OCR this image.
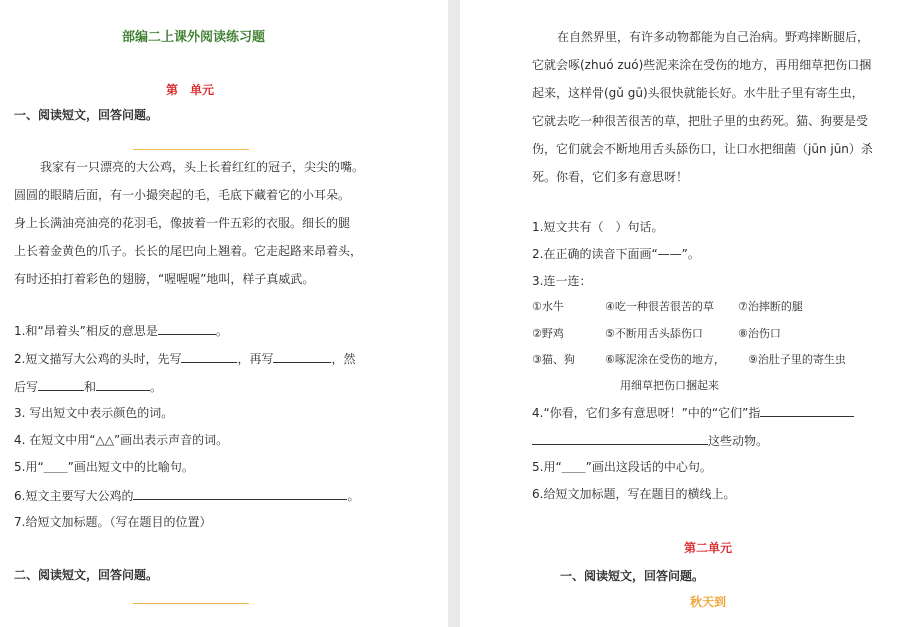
部编二上课外阅读练习题
第　单元
一、阅读短文，回答问题。
我家有一只漂亮的大公鸡，头上长着红红的冠子，尖尖的嘴。
圆圆的眼睛后面，有一小撮突起的毛，毛底下藏着它的小耳朵。
身上长满油亮油亮的花羽毛，像披着一件五彩的衣服。细长的腿
上长着金黄色的爪子。长长的尾巴向上翘着。它走起路来昂着头，
有时还拍打着彩色的翅膀，“喔喔喔”地叫，样子真威武。
1.和“昂着头”相反的意思是	。
2.短文描写大公鸡的头时，先写	，再写	，然
后写	和	。
3. 写出短文中表示颜色的词。
4. 在短文中用“△△”画出表示声音的词。
5.用“＿＿”画出短文中的比喻句。
6.短文主要写大公鸡的	。
7.给短文加标题。（写在题目的位置）
二、阅读短文，回答问题。
在自然界里，有许多动物都能为自己治病。野鸡摔断腿后，
它就会啄(zhuó zuó)些泥来涂在受伤的地方，再用细草把伤口捆
起来，这样骨(gǔ gū)头很快就能长好。水牛肚子里有寄生虫，
它就去吃一种很苦很苦的草，把肚子里的虫药死。猫、狗要是受
伤，它们就会不断地用舌头舔伤口，让口水把细菌（jūn jūn）杀
死。你看，它们多有意思呀！
1.短文共有（　）句话。
2.在正确的读音下面画“——”。
3.连一连：
①水牛	④吃一种很苦很苦的草 ⑦治摔断的腿
②野鸡	⑤不断用舌头舔伤口	⑧治伤口
③猫、狗	⑥啄泥涂在受伤的地方， ⑨治肚子里的寄生虫
用细草把伤口捆起来
4.“你看，它们多有意思呀！”中的“它们”指
这些动物。
5.用“＿＿”画出这段话的中心句。
6.给短文加标题，写在题目的横线上。
第二单元
一、阅读短文，回答问题。
秋天到
